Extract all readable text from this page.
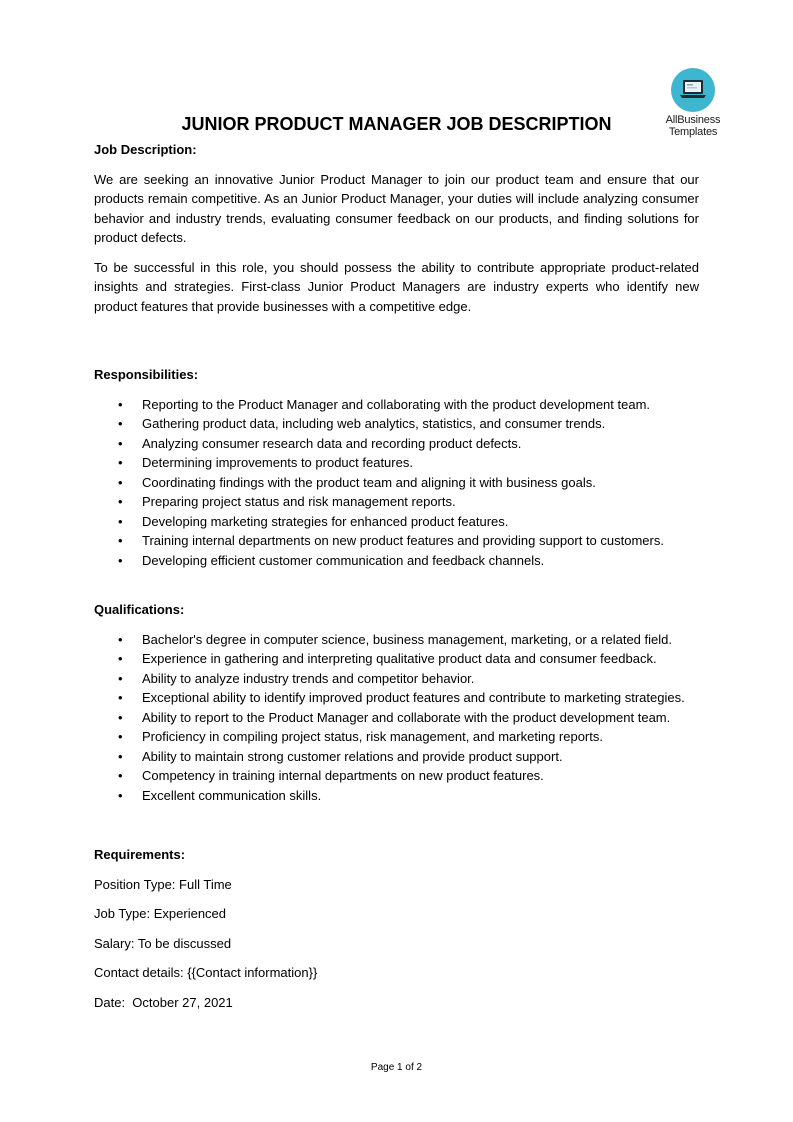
AllBusiness
Templates
JUNIOR PRODUCT MANAGER JOB DESCRIPTION

Job Description:

We are seeking an innovative Junior Product Manager to join our product team and ensure that our products remain competitive. As an Junior Product Manager, your duties will include analyzing consumer behavior and industry trends, evaluating consumer feedback on our products, and finding solutions for product defects.

To be successful in this role, you should possess the ability to contribute appropriate product-related insights and strategies. First-class Junior Product Managers are industry experts who identify new product features that provide businesses with a competitive edge.

Responsibilities:

• Reporting to the Product Manager and collaborating with the product development team.
• Gathering product data, including web analytics, statistics, and consumer trends.
• Analyzing consumer research data and recording product defects.
• Determining improvements to product features.
• Coordinating findings with the product team and aligning it with business goals.
• Preparing project status and risk management reports.
• Developing marketing strategies for enhanced product features.
• Training internal departments on new product features and providing support to customers.
• Developing efficient customer communication and feedback channels.

Qualifications:

• Bachelor's degree in computer science, business management, marketing, or a related field.
• Experience in gathering and interpreting qualitative product data and consumer feedback.
• Ability to analyze industry trends and competitor behavior.
• Exceptional ability to identify improved product features and contribute to marketing strategies.
• Ability to report to the Product Manager and collaborate with the product development team.
• Proficiency in compiling project status, risk management, and marketing reports.
• Ability to maintain strong customer relations and provide product support.
• Competency in training internal departments on new product features.
• Excellent communication skills.

Requirements:

Position Type: Full Time

Job Type: Experienced

Salary: To be discussed

Contact details: {{Contact information}}

Date:  October 27, 2021

Page 1 of 2
